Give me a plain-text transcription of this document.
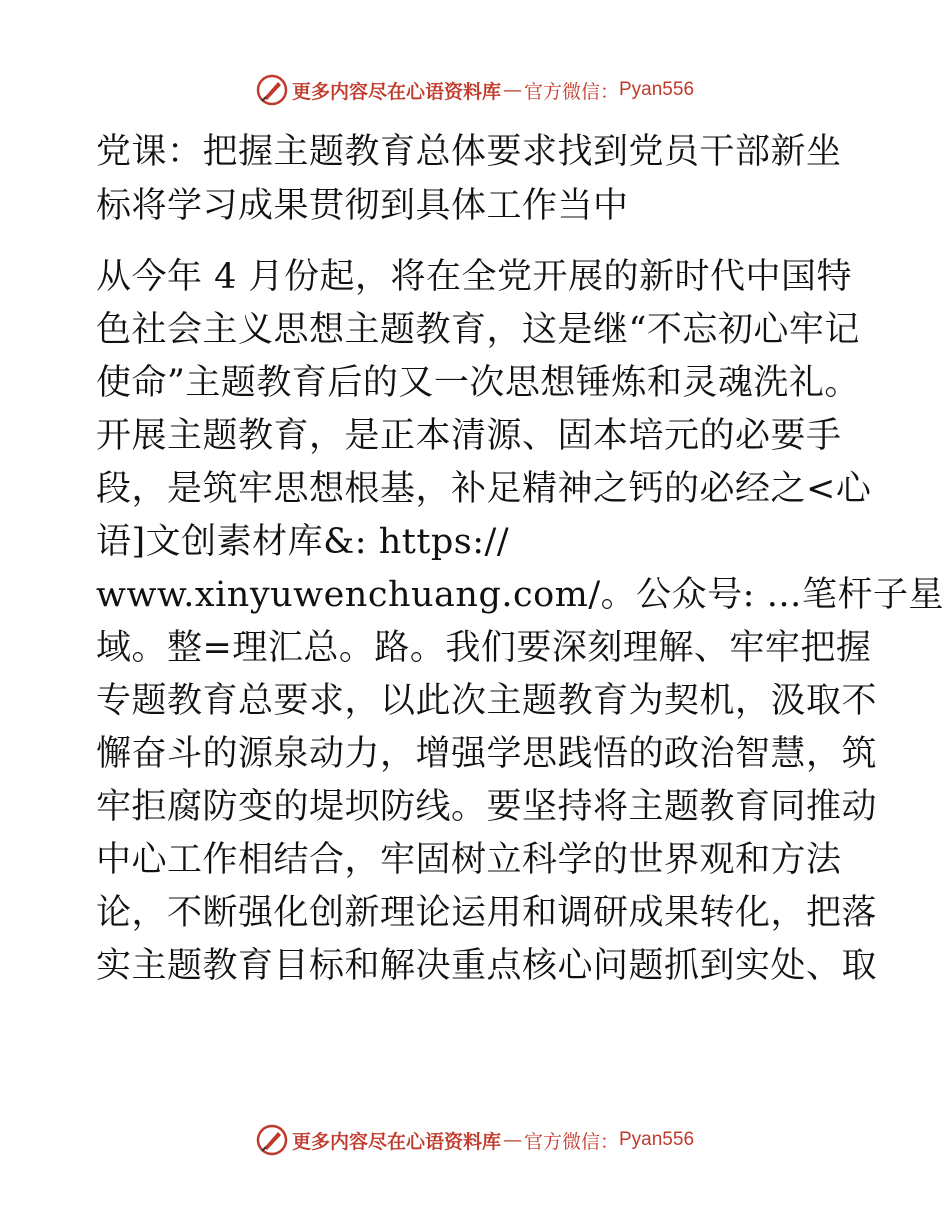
更多内容尽在心语资料库 — 官方微信： Pyan556
党课：把握主题教育总体要求找到党员干部新坐
标将学习成果贯彻到具体工作当中
从今年 4 月份起，将在全党开展的新时代中国特
色社会主义思想主题教育，这是继“不忘初心牢记
使命”主题教育后的又一次思想锤炼和灵魂洗礼。
开展主题教育，是正本清源、固本培元的必要手
段，是筑牢思想根基，补足精神之钙的必经之<心
语]文创素材库&: https://
www.xinyuwenchuang.com/。公众号: …笔杆子星
域。整=理汇总。路。我们要深刻理解、牢牢把握
专题教育总要求，以此次主题教育为契机，汲取不
懈奋斗的源泉动力，增强学思践悟的政治智慧，筑
牢拒腐防变的堤坝防线。要坚持将主题教育同推动
中心工作相结合，牢固树立科学的世界观和方法
论，不断强化创新理论运用和调研成果转化，把落
实主题教育目标和解决重点核心问题抓到实处、取
更多内容尽在心语资料库 — 官方微信： Pyan556
